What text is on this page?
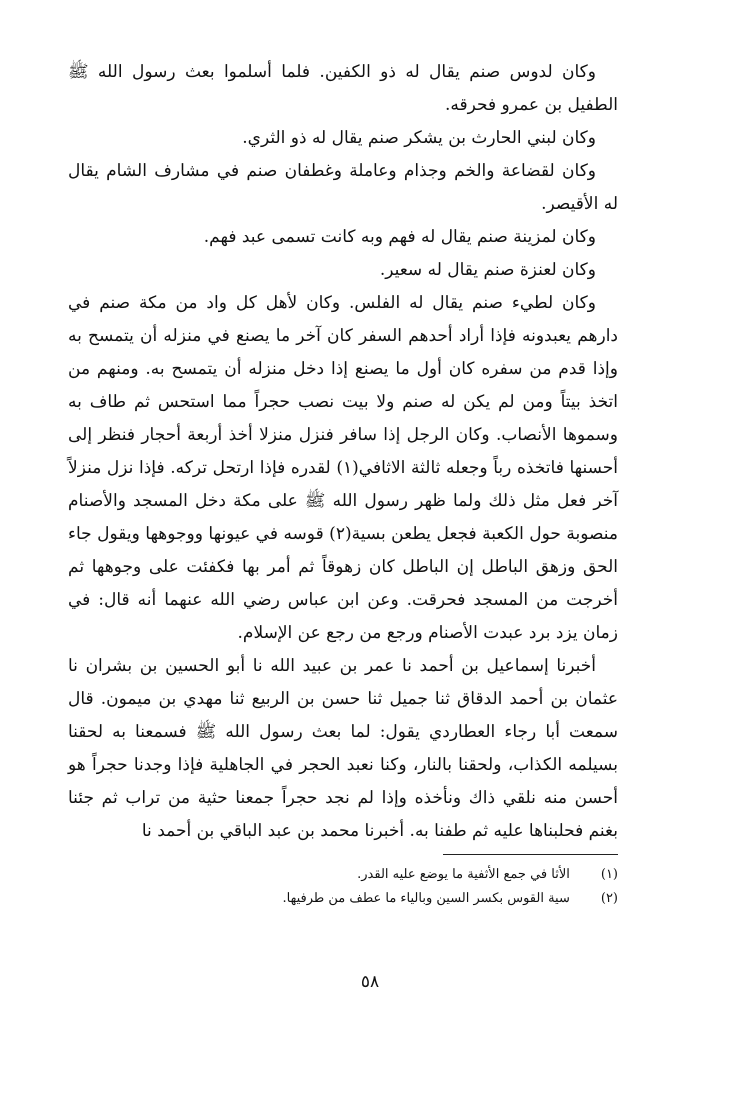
وكان لدوس صنم يقال له ذو الكفين. فلما أسلموا بعث رسول الله ﷺ الطفيل بن عمرو فحرقه.

وكان لبني الحارث بن يشكر صنم يقال له ذو الثري.

وكان لقضاعة والخم وجذام وعاملة وغطفان صنم في مشارف الشام يقال له الأقيصر.

وكان لمزينة صنم يقال له فهم وبه كانت تسمى عبد فهم.

وكان لعنزة صنم يقال له سعير.

وكان لطيء صنم يقال له الفلس. وكان لأهل كل واد من مكة صنم في دارهم يعبدونه فإذا أراد أحدهم السفر كان آخر ما يصنع في منزله أن يتمسح به وإذا قدم من سفره كان أول ما يصنع إذا دخل منزله أن يتمسح به. ومنهم من اتخذ بيتاً ومن لم يكن له صنم ولا بيت نصب حجراً مما استحس ثم طاف به وسموها الأنصاب. وكان الرجل إذا سافر فنزل منزلا أخذ أربعة أحجار فنظر إلى أحسنها فاتخذه رباً وجعله ثالثة الاثافي(١) لقدره فإذا ارتحل تركه. فإذا نزل منزلاً آخر فعل مثل ذلك ولما ظهر رسول الله ﷺ على مكة دخل المسجد والأصنام منصوبة حول الكعبة فجعل يطعن بسية(٢) قوسه في عيونها ووجوهها ويقول جاء الحق وزهق الباطل إن الباطل كان زهوقاً ثم أمر بها فكفئت على وجوهها ثم أخرجت من المسجد فحرقت. وعن ابن عباس رضي الله عنهما أنه قال: في زمان يزد برد عبدت الأصنام ورجع من رجع عن الإسلام.

أخبرنا إسماعيل بن أحمد نا عمر بن عبيد الله نا أبو الحسين بن بشران نا عثمان بن أحمد الدقاق ثنا جميل ثنا حسن بن الربيع ثنا مهدي بن ميمون. قال سمعت أبا رجاء العطاردي يقول: لما بعث رسول الله ﷺ فسمعنا به لحقنا بسيلمه الكذاب، ولحقنا بالنار، وكنا نعبد الحجر في الجاهلية فإذا وجدنا حجراً هو أحسن منه نلقي ذاك ونأخذه وإذا لم نجد حجراً جمعنا حثية من تراب ثم جئنا بغنم فحلبناها عليه ثم طفنا به. أخبرنا محمد بن عبد الباقي بن أحمد نا

(١) الأثا في جمع الأثفية ما يوضع عليه القدر.

(٢) سية القوس بكسر السين وبالياء ما عطف من طرفيها.

٥٨
